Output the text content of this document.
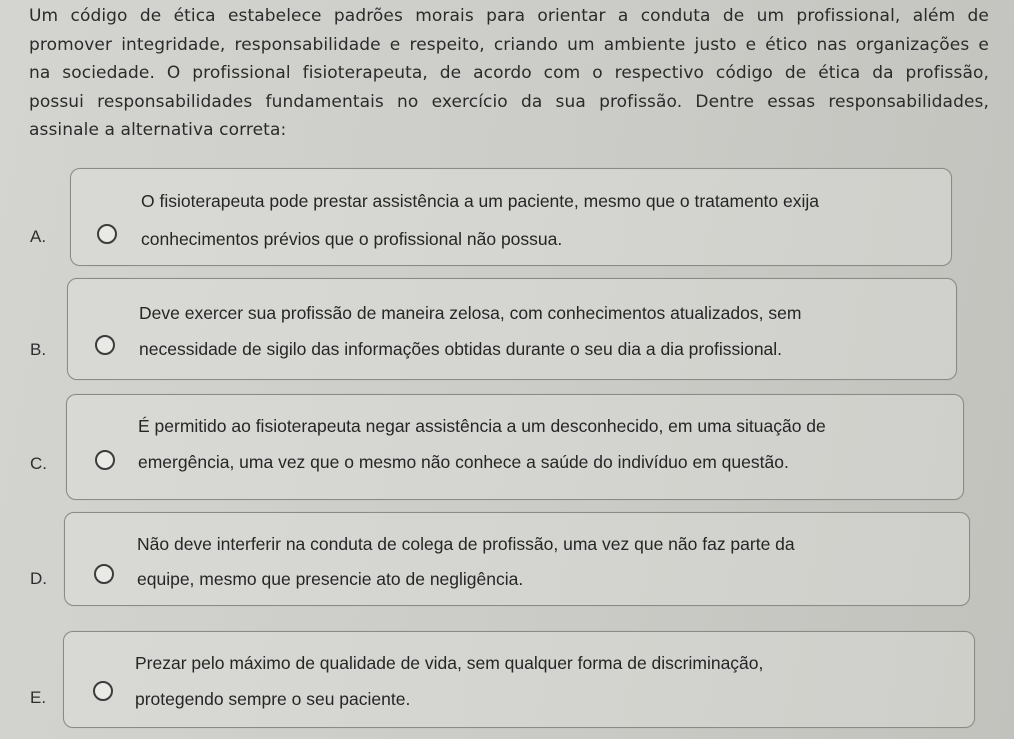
Um código de ética estabelece padrões morais para orientar a conduta de um profissional, além de
promover integridade, responsabilidade e respeito, criando um ambiente justo e ético nas organizações e
na sociedade. O profissional fisioterapeuta, de acordo com o respectivo código de ética da profissão,
possui responsabilidades fundamentais no exercício da sua profissão. Dentre essas responsabilidades,
assinale a alternativa correta:
A.
O fisioterapeuta pode prestar assistência a um paciente, mesmo que o tratamento exija
conhecimentos prévios que o profissional não possua.
B.
Deve exercer sua profissão de maneira zelosa, com conhecimentos atualizados, sem
necessidade de sigilo das informações obtidas durante o seu dia a dia profissional.
C.
É permitido ao fisioterapeuta negar assistência a um desconhecido, em uma situação de
emergência, uma vez que o mesmo não conhece a saúde do indivíduo em questão.
D.
Não deve interferir na conduta de colega de profissão, uma vez que não faz parte da
equipe, mesmo que presencie ato de negligência.
E.
Prezar pelo máximo de qualidade de vida, sem qualquer forma de discriminação,
protegendo sempre o seu paciente.
